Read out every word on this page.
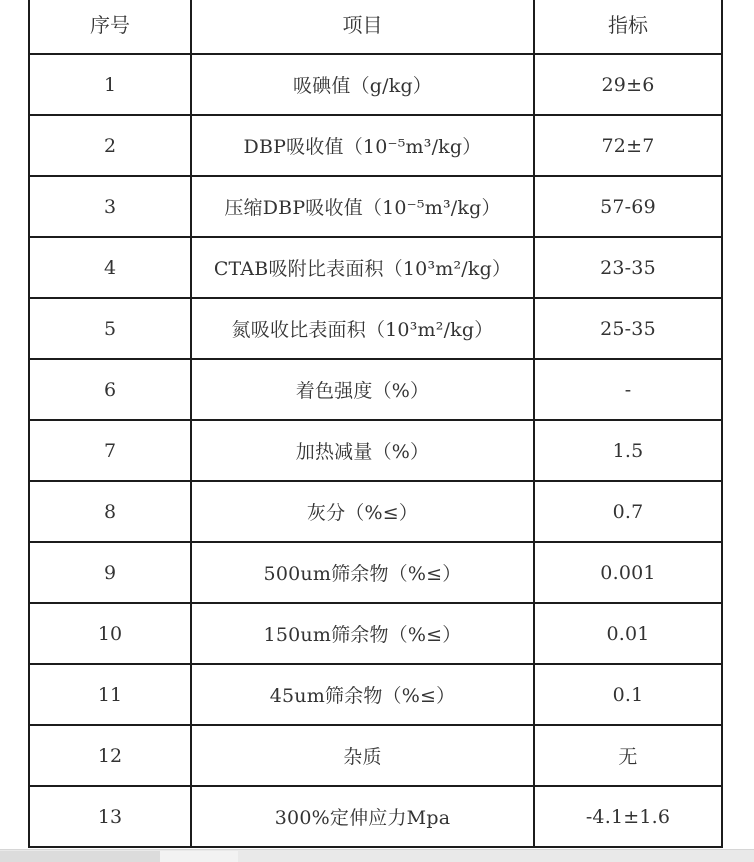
序号	项目	指标
1	吸碘值（g/kg）	29±6
2	DBP吸收值（10⁻⁵m³/kg）	72±7
3	压缩DBP吸收值（10⁻⁵m³/kg）	57-69
4	CTAB吸附比表面积（10³m²/kg）	23-35
5	氮吸收比表面积（10³m²/kg）	25-35
6	着色强度（%）	-
7	加热减量（%）	1.5
8	灰分（%≤）	0.7
9	500um筛余物（%≤）	0.001
10	150um筛余物（%≤）	0.01
11	45um筛余物（%≤）	0.1
12	杂质	无
13	300%定伸应力Mpa	-4.1±1.6
